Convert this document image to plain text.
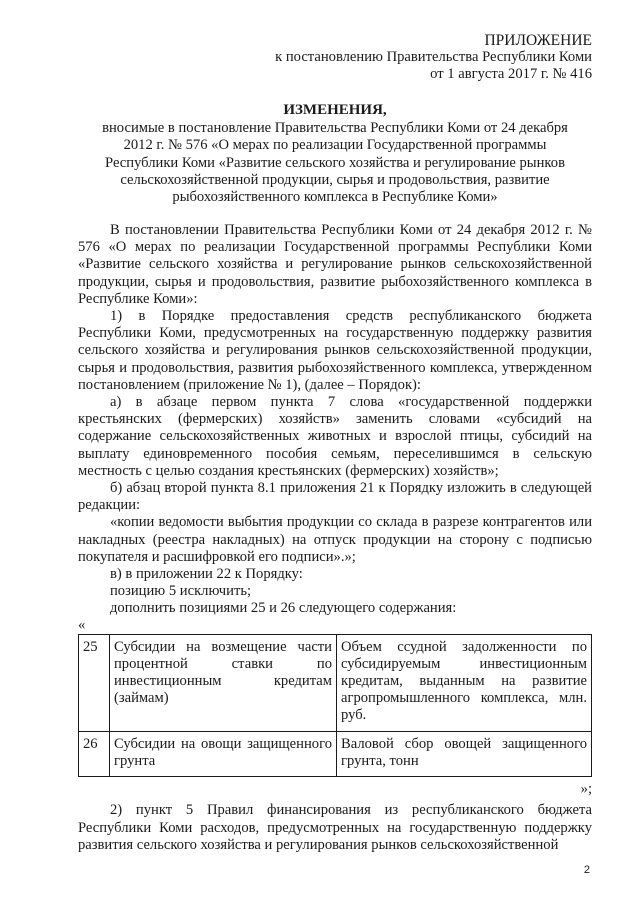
ПРИЛОЖЕНИЕ
к постановлению Правительства Республики Коми
от 1 августа 2017 г. № 416
ИЗМЕНЕНИЯ,
вносимые в постановление Правительства Республики Коми от 24 декабря
2012 г. № 576 «О мерах по реализации Государственной программы
Республики Коми «Развитие сельского хозяйства и регулирование рынков
сельскохозяйственной продукции, сырья и продовольствия, развитие
рыбохозяйственного комплекса в Республике Коми»

В постановлении Правительства Республики Коми от 24 декабря 2012 г. № 576 «О мерах по реализации Государственной программы Республики Коми «Развитие сельского хозяйства и регулирование рынков сельскохозяйственной продукции, сырья и продовольствия, развитие рыбохозяйственного комплекса в Республике Коми»:

1) в Порядке предоставления средств республиканского бюджета Республики Коми, предусмотренных на государственную поддержку развития сельского хозяйства и регулирования рынков сельскохозяйственной продукции, сырья и продовольствия, развития рыбохозяйственного комплекса, утвержденном постановлением (приложение № 1), (далее – Порядок):

а) в абзаце первом пункта 7 слова «государственной поддержки крестьянских (фермерских) хозяйств» заменить словами «субсидий на содержание сельскохозяйственных животных и взрослой птицы, субсидий на выплату единовременного пособия семьям, переселившимся в сельскую местность с целью создания крестьянских (фермерских) хозяйств»;

б) абзац второй пункта 8.1 приложения 21 к Порядку изложить в следующей редакции:

«копии ведомости выбытия продукции со склада в разрезе контрагентов или накладных (реестра накладных) на отпуск продукции на сторону с подписью покупателя и расшифровкой его подписи».»;

в) в приложении 22 к Порядку:

позицию 5 исключить;

дополнить позициями 25 и 26 следующего содержания:

«

25	Субсидии на возмещение части процентной ставки по инвестиционным кредитам (займам)	Объем ссудной задолженности по субсидируемым инвестиционным кредитам, выданным на развитие агропромышленного комплекса, млн. руб.
26	Субсидии на овощи защищенного грунта	Валовой сбор овощей защищенного грунта, тонн

»;

2) пункт 5 Правил финансирования из республиканского бюджета Республики Коми расходов, предусмотренных на государственную поддержку развития сельского хозяйства и регулирования рынков сельскохозяйственной

2
